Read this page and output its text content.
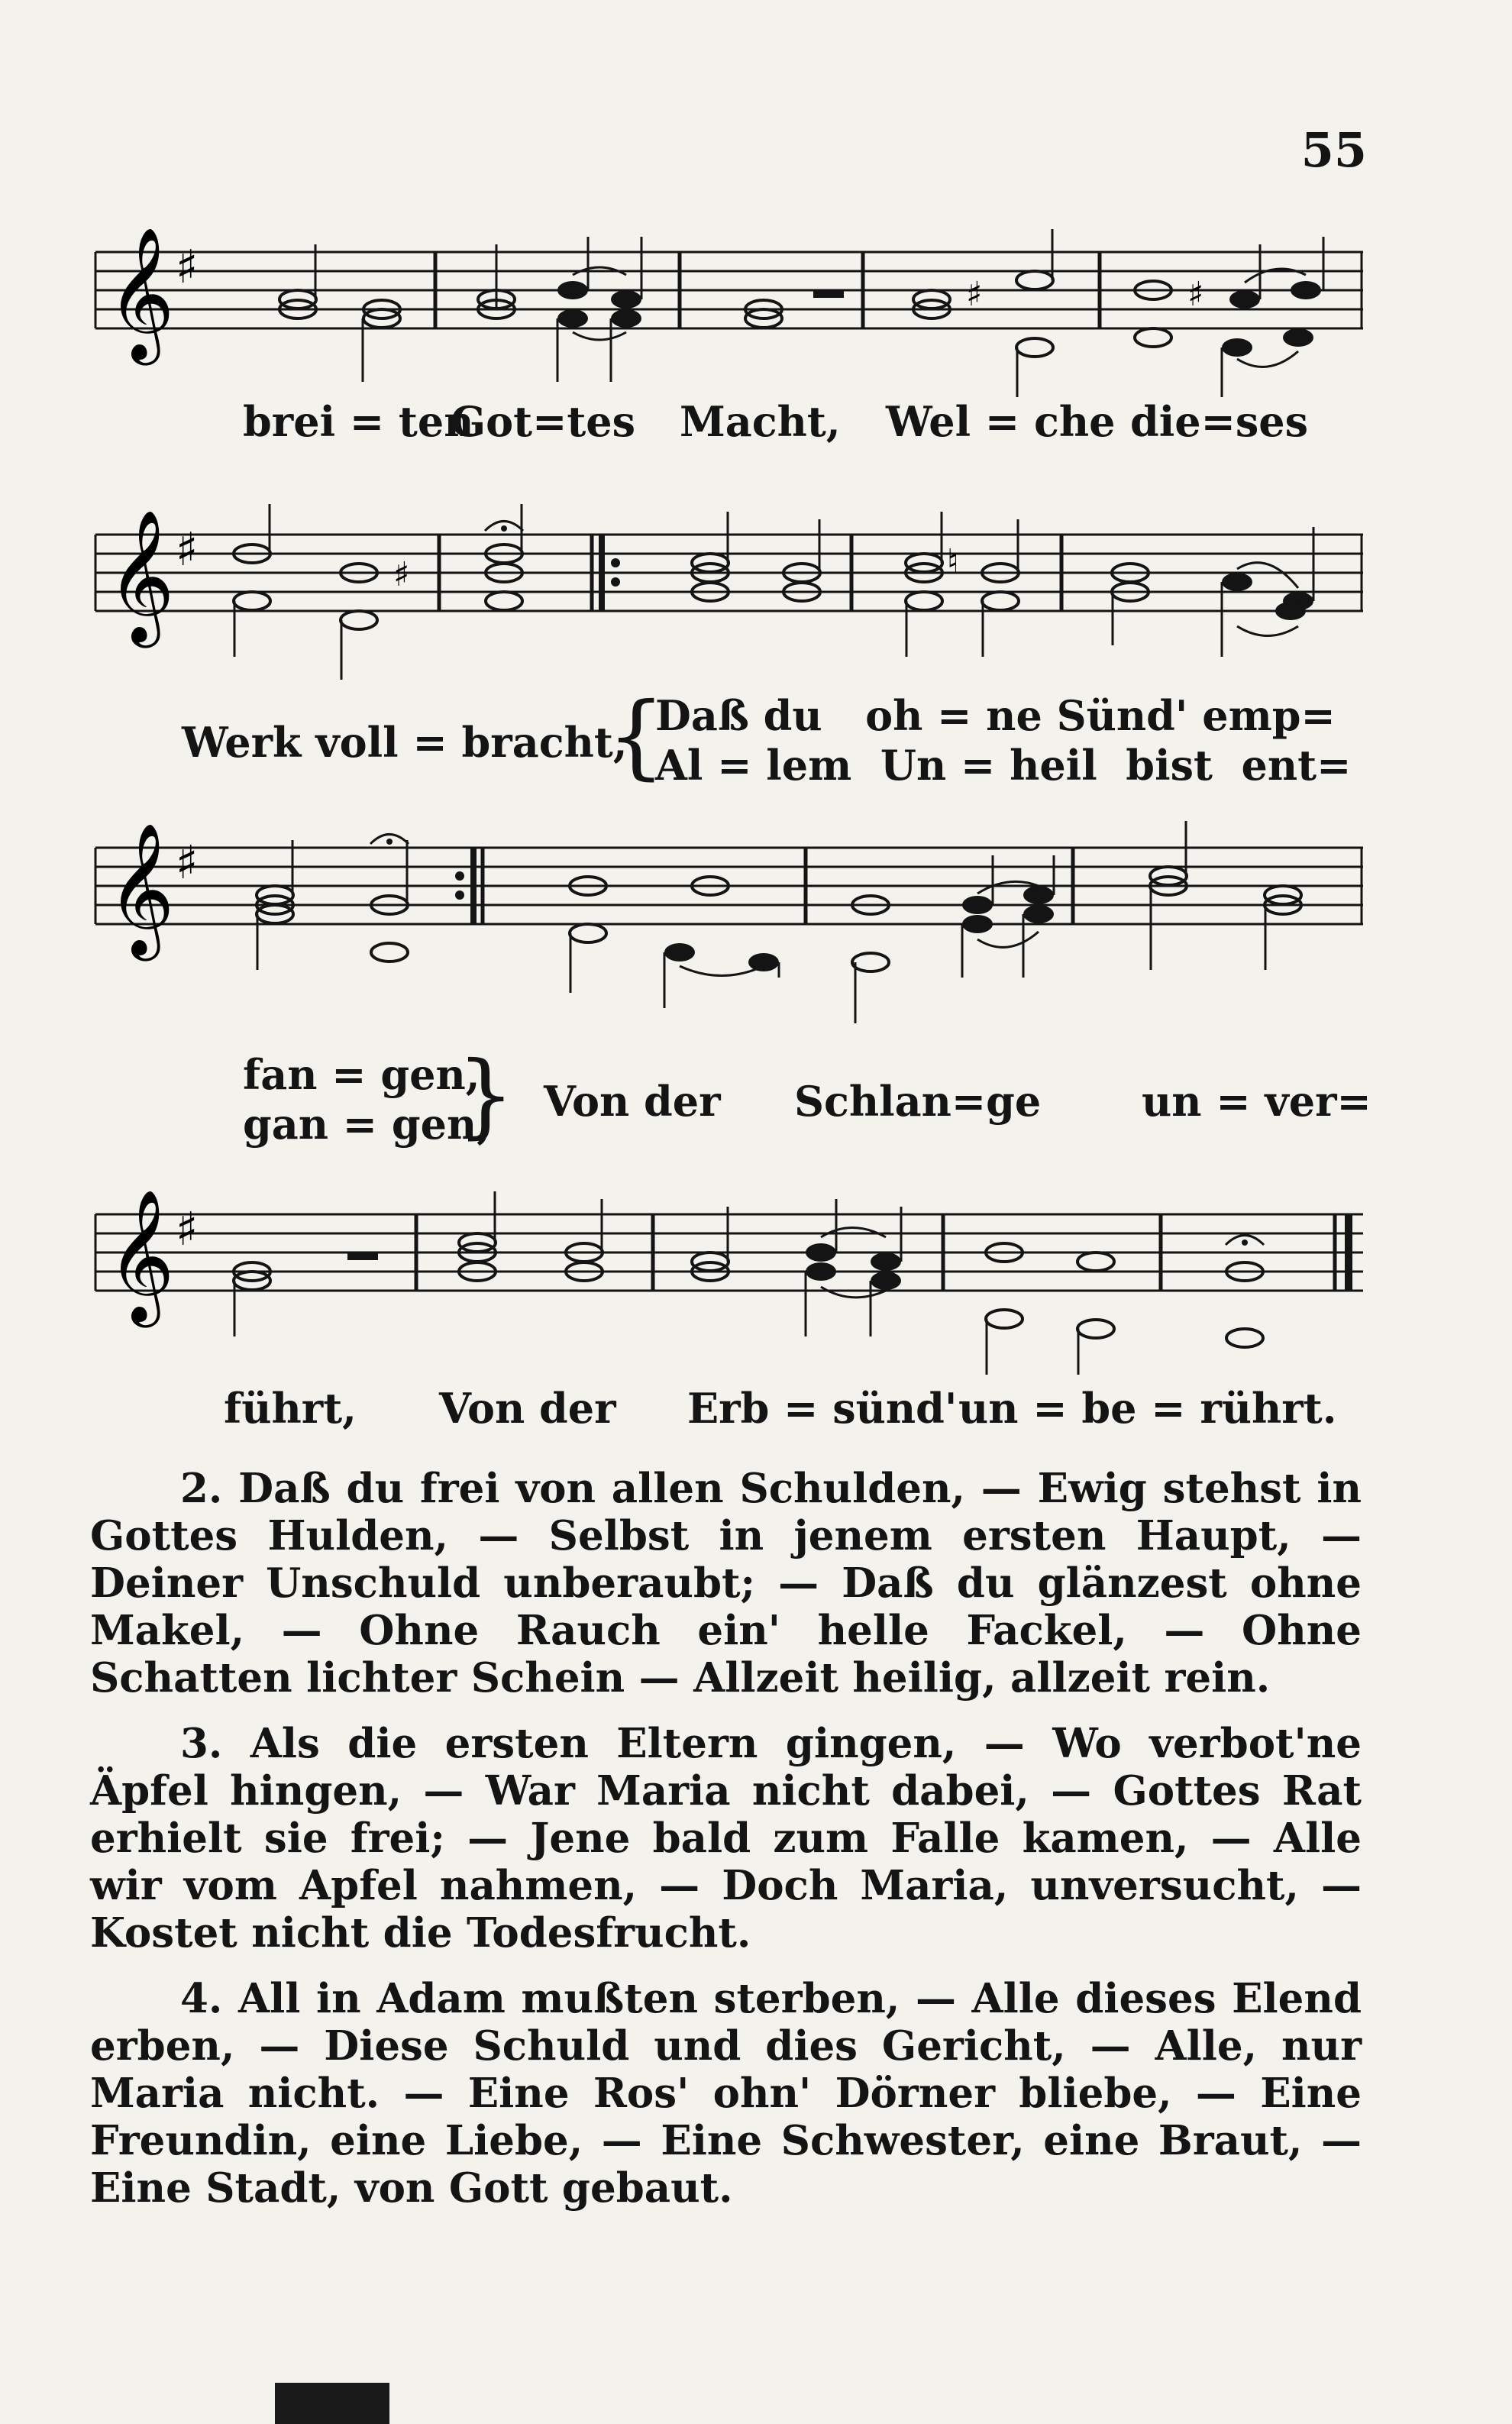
55
𝄞 ♯
♯	♯
brei = ten
Got=tes Macht, Wel = che die=ses
𝄞 ♯	♯	♮
Werk voll = bracht,
{
Daß du   oh = ne Sünd' emp=
Al = lem  Un = heil  bist  ent=
𝄞 ♯
fan = gen,
gan = gen,
} Von der Schlan=ge un = ver=
𝄞 ♯
führt, Von der Erb = sünd' un = be = rührt.

2. Daß du frei von allen Schulden, — Ewig stehst in Gottes Hulden, — Selbst in jenem ersten Haupt, — Deiner Unschuld unberaubt; — Daß du glänzest ohne Makel, — Ohne Rauch ein' helle Fackel, — Ohne Schatten lichter Schein — Allzeit heilig, allzeit rein.

3. Als die ersten Eltern gingen, — Wo verbot'ne Äpfel hingen, — War Maria nicht dabei, — Gottes Rat erhielt sie frei; — Jene bald zum Falle kamen, — Alle wir vom Apfel nahmen, — Doch Maria, unversucht, — Kostet nicht die Todesfrucht.

4. All in Adam mußten sterben, — Alle dieses Elend erben, — Diese Schuld und dies Gericht, — Alle, nur Maria nicht. — Eine Ros' ohn' Dörner bliebe, — Eine Freundin, eine Liebe, — Eine Schwester, eine Braut, — Eine Stadt, von Gott gebaut.
